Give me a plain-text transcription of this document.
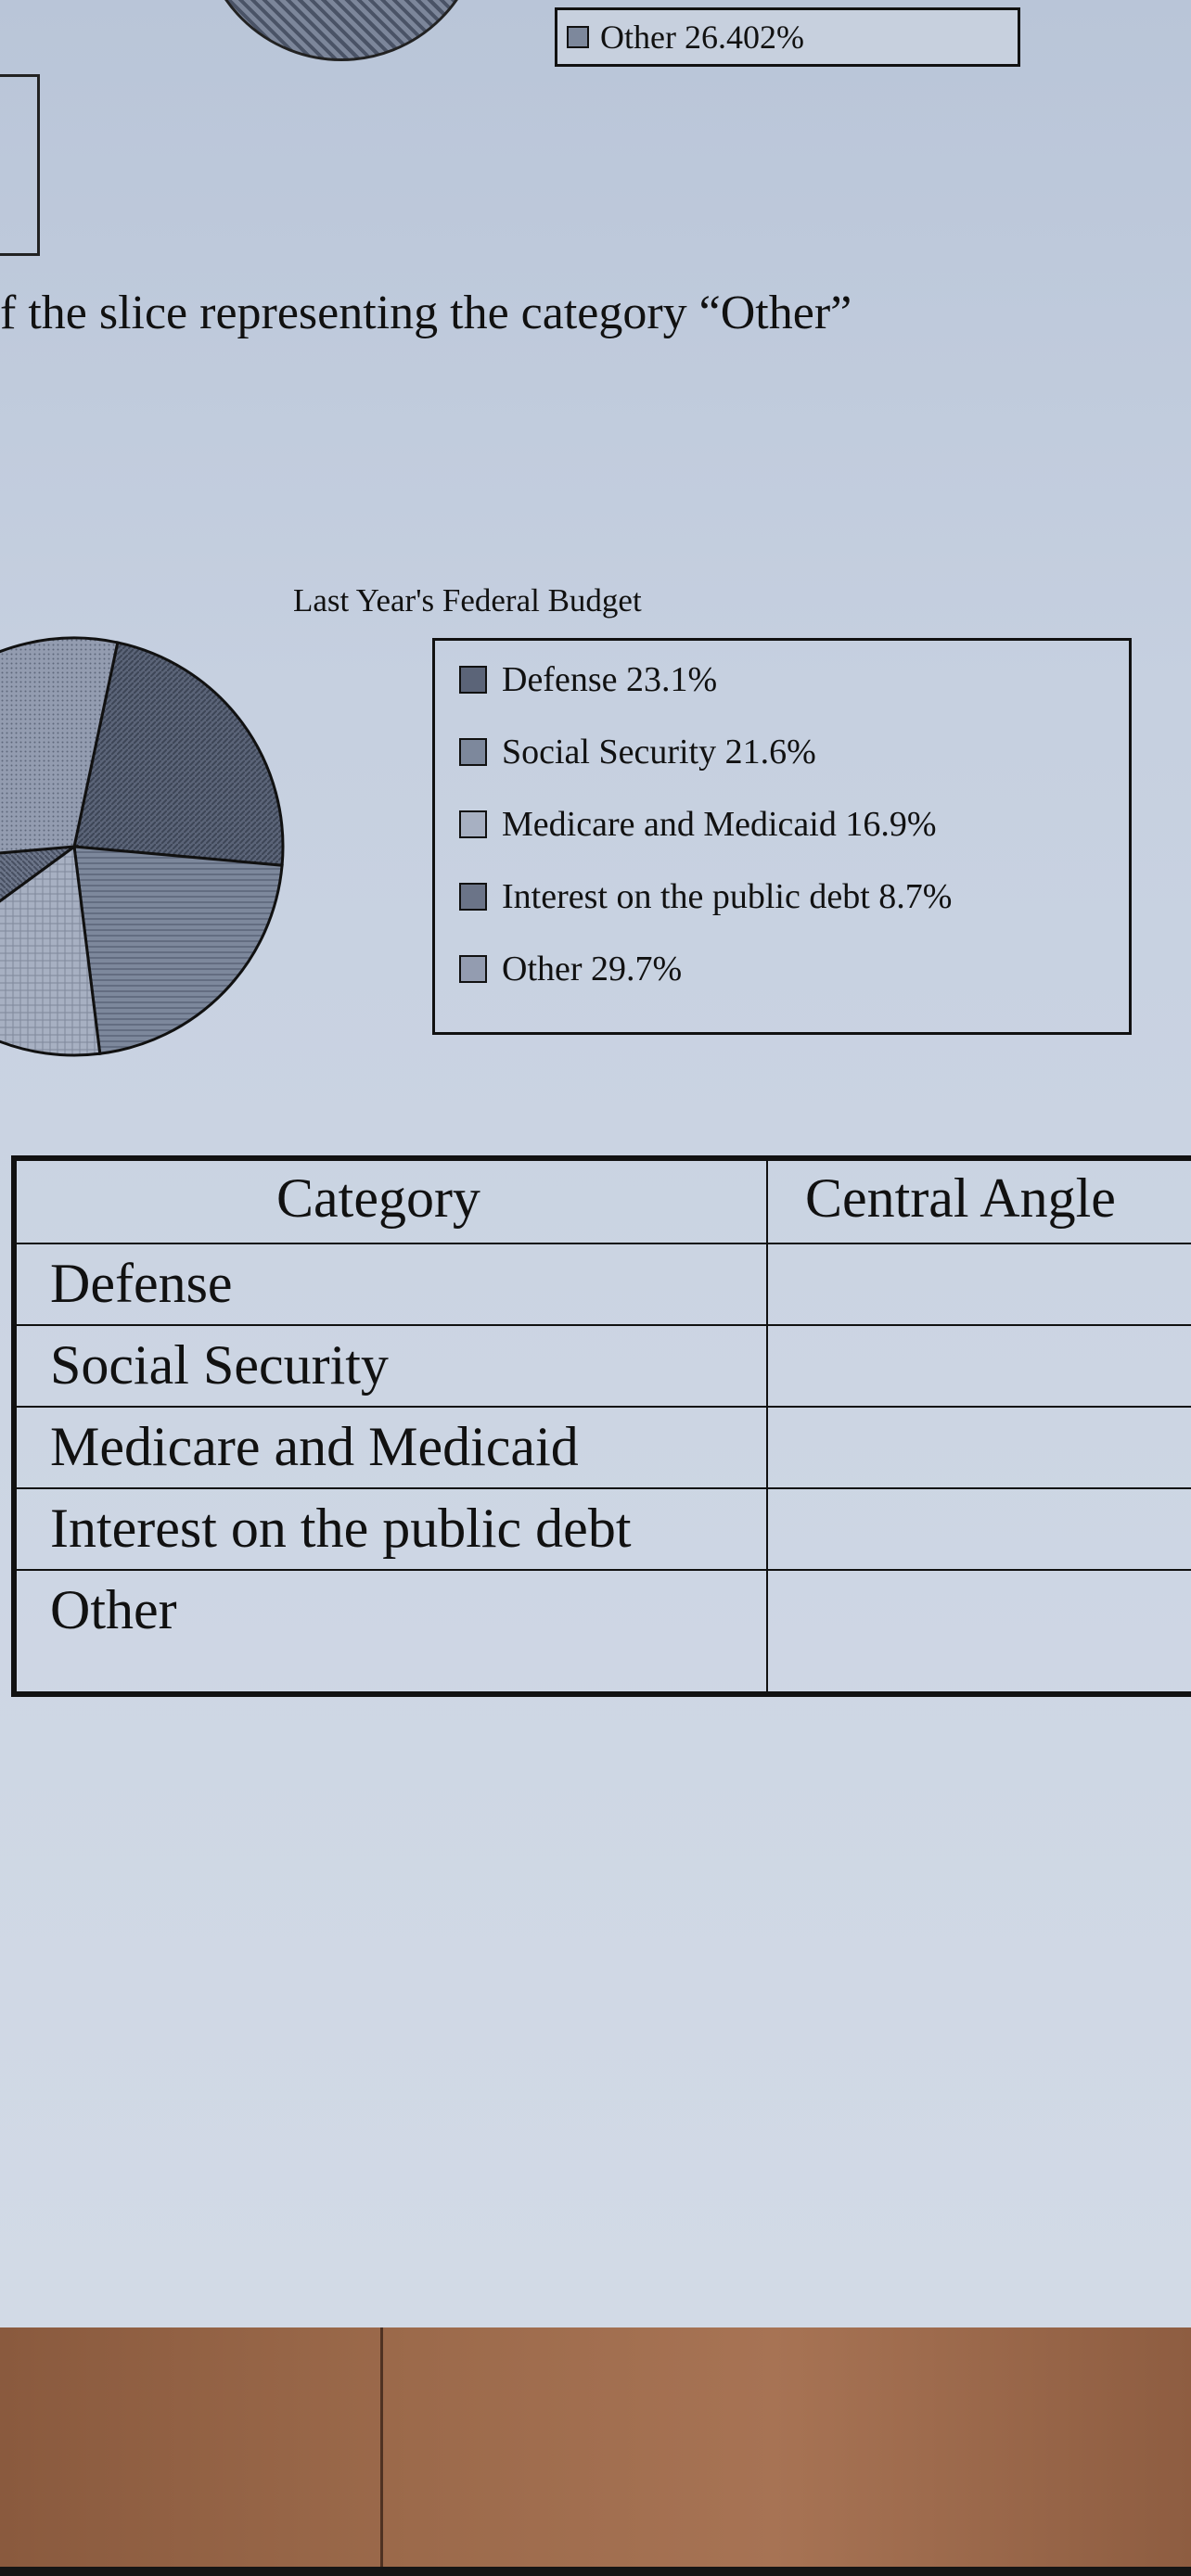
Other 26.402%
f the slice representing the category “Other”
Last Year's Federal Budget
Defense 23.1%
Social Security 21.6%
Medicare and Medicaid 16.9%
Interest on the public debt 8.7%
Other 29.7%
Category	Central Angle
Defense
Social Security
Medicare and Medicaid
Interest on the public debt
Other
